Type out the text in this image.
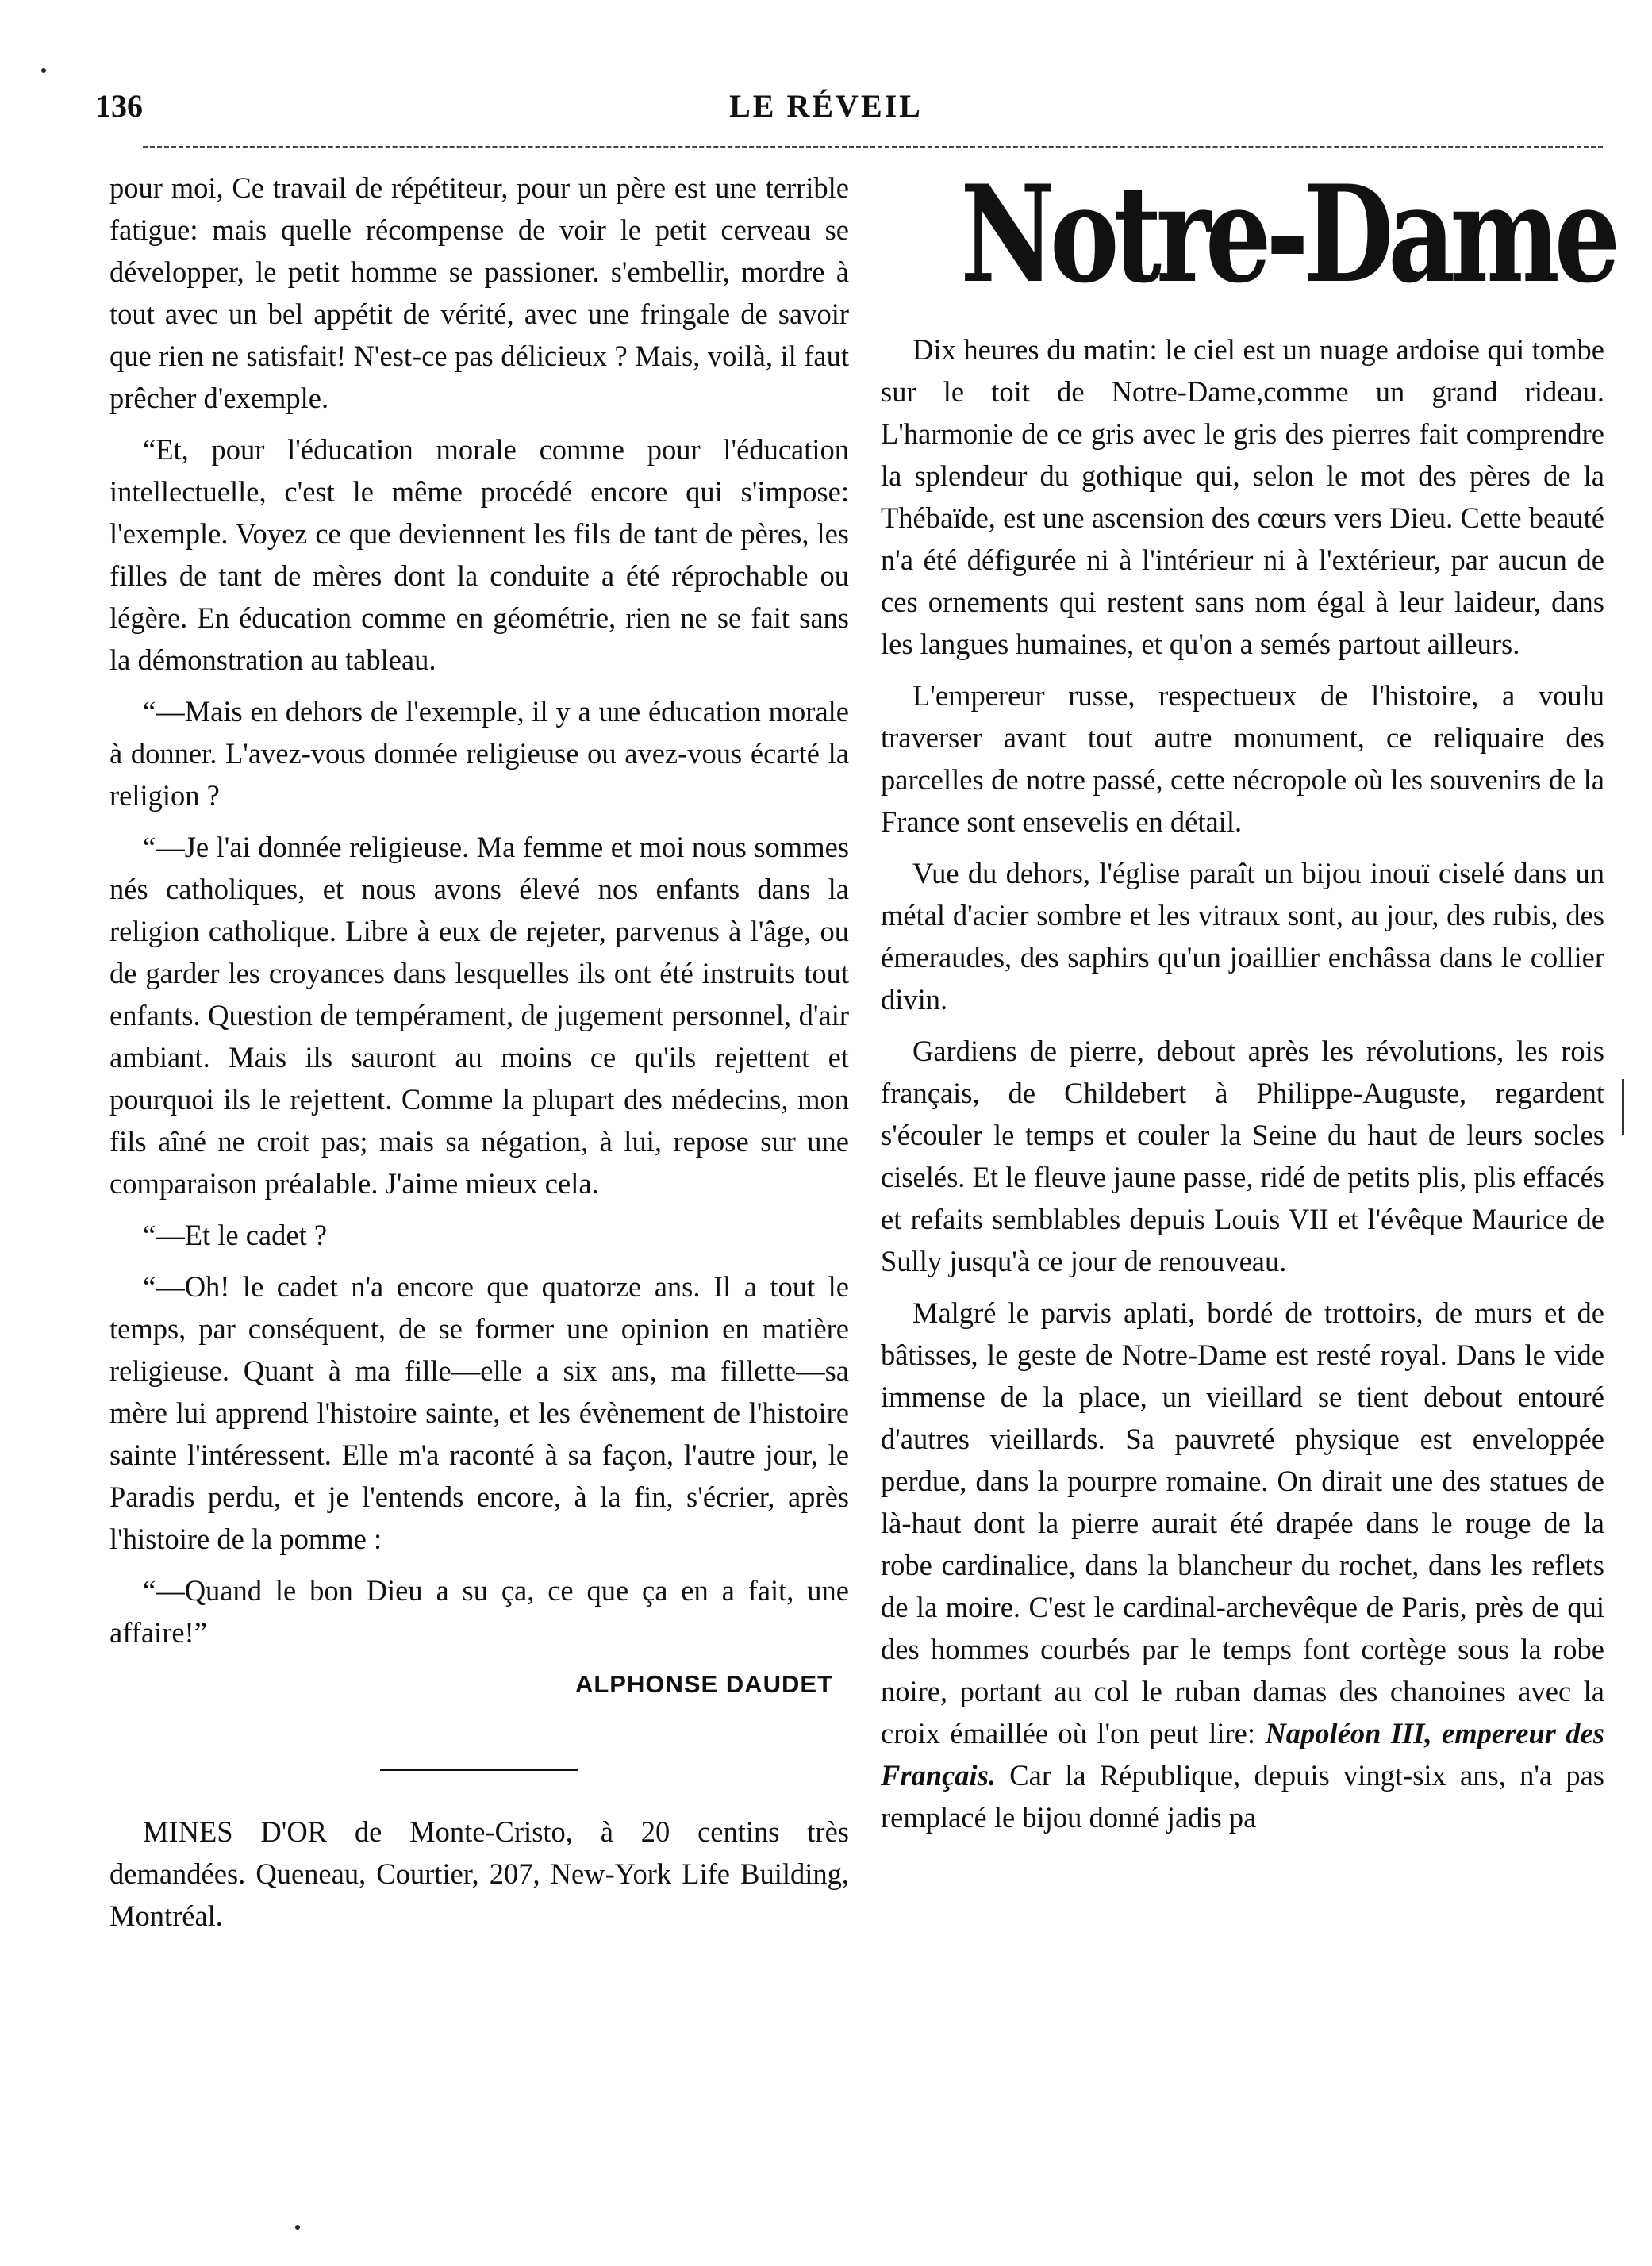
136	LE RÉVEIL

pour moi, Ce travail de répétiteur, pour un père est une terrible fatigue: mais quelle récompense de voir le petit cerveau se développer, le petit homme se passioner. s'embellir, mordre à tout avec un bel appétit de vérité, avec une fringale de savoir que rien ne satisfait! N'est-ce pas délicieux ? Mais, voilà, il faut prêcher d'exemple.

“Et, pour l'éducation morale comme pour l'éducation intellectuelle, c'est le même procédé encore qui s'impose: l'exemple. Voyez ce que deviennent les fils de tant de pères, les filles de tant de mères dont la conduite a été réprochable ou légère. En éducation comme en géométrie, rien ne se fait sans la démonstration au tableau.

“—Mais en dehors de l'exemple, il y a une éducation morale à donner. L'avez-vous donnée religieuse ou avez-vous écarté la religion ?

“—Je l'ai donnée religieuse. Ma femme et moi nous sommes nés catholiques, et nous avons élevé nos enfants dans la religion catholique. Libre à eux de rejeter, parvenus à l'âge, ou de garder les croyances dans lesquelles ils ont été instruits tout enfants. Question de tempérament, de jugement personnel, d'air ambiant. Mais ils sauront au moins ce qu'ils rejettent et pourquoi ils le rejettent. Comme la plupart des médecins, mon fils aîné ne croit pas; mais sa négation, à lui, repose sur une comparaison préalable. J'aime mieux cela.

“—Et le cadet ?

“—Oh! le cadet n'a encore que quatorze ans. Il a tout le temps, par conséquent, de se former une opinion en matière religieuse. Quant à ma fille—elle a six ans, ma fillette—sa mère lui apprend l'histoire sainte, et les évènement de l'histoire sainte l'intéressent. Elle m'a raconté à sa façon, l'autre jour, le Paradis perdu, et je l'entends encore, à la fin, s'écrier, après l'histoire de la pomme :

“—Quand le bon Dieu a su ça, ce que ça en a fait, une affaire!”

ALPHONSE DAUDET

MINES D'OR de Monte-Cristo, à 20 centins très demandées. Queneau, Courtier, 207, New-York Life Building, Montréal.

Notre-Dame

Dix heures du matin: le ciel est un nuage ardoise qui tombe sur le toit de Notre-Dame,comme un grand rideau. L'harmonie de ce gris avec le gris des pierres fait comprendre la splendeur du gothique qui, selon le mot des pères de la Thébaïde, est une ascension des cœurs vers Dieu. Cette beauté n'a été défigurée ni à l'intérieur ni à l'extérieur, par aucun de ces ornements qui restent sans nom égal à leur laideur, dans les langues humaines, et qu'on a semés partout ailleurs.

L'empereur russe, respectueux de l'histoire, a voulu traverser avant tout autre monument, ce reliquaire des parcelles de notre passé, cette nécropole où les souvenirs de la France sont ensevelis en détail.

Vue du dehors, l'église paraît un bijou inouï ciselé dans un métal d'acier sombre et les vitraux sont, au jour, des rubis, des émeraudes, des saphirs qu'un joaillier enchâssa dans le collier divin.

Gardiens de pierre, debout après les révolutions, les rois français, de Childebert à Philippe-Auguste, regardent s'écouler le temps et couler la Seine du haut de leurs socles ciselés. Et le fleuve jaune passe, ridé de petits plis, plis effacés et refaits semblables depuis Louis VII et l'évêque Maurice de Sully jusqu'à ce jour de renouveau.

Malgré le parvis aplati, bordé de trottoirs, de murs et de bâtisses, le geste de Notre-Dame est resté royal. Dans le vide immense de la place, un vieillard se tient debout entouré d'autres vieillards. Sa pauvreté physique est enveloppée perdue, dans la pourpre romaine. On dirait une des statues de là-haut dont la pierre aurait été drapée dans le rouge de la robe cardinalice, dans la blancheur du rochet, dans les reflets de la moire. C'est le cardinal-archevêque de Paris, près de qui des hommes courbés par le temps font cortège sous la robe noire, portant au col le ruban damas des chanoines avec la croix émaillée où l'on peut lire: Napoléon III, empereur des Français. Car la République, depuis vingt-six ans, n'a pas remplacé le bijou donné jadis pa
